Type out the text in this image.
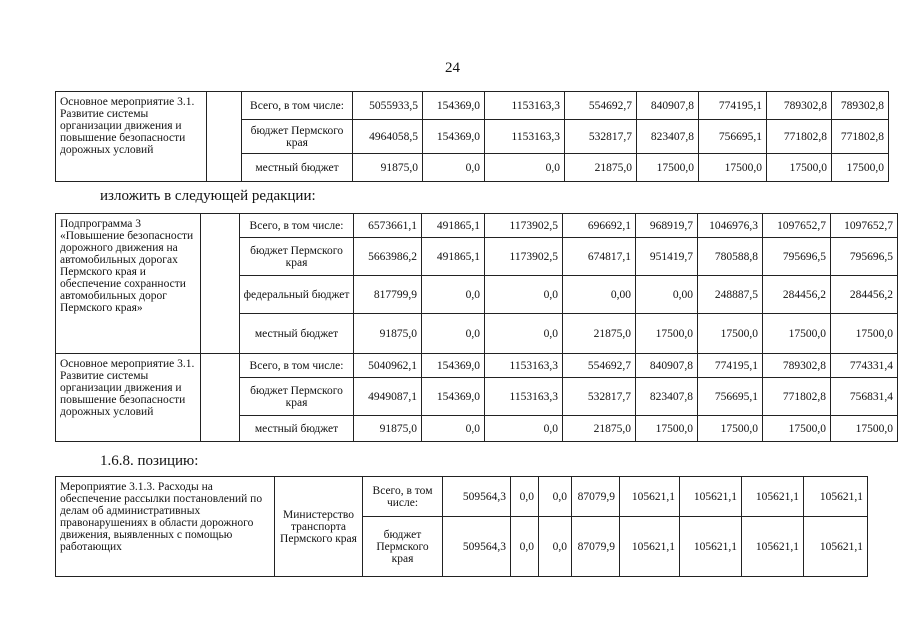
24
Основное мероприятие 3.1. Развитие системы организации движения и повышение безопасности дорожных условий		Всего, в том числе:	5055933,5	154369,0	1153163,3	554692,7	840907,8	774195,1	789302,8	789302,8
		бюджет Пермского края	4964058,5	154369,0	1153163,3	532817,7	823407,8	756695,1	771802,8	771802,8
		местный бюджет	91875,0	0,0	0,0	21875,0	17500,0	17500,0	17500,0	17500,0
изложить в следующей редакции:
Подпрограмма 3 «Повышение безопасности дорожного движения на автомобильных дорогах Пермского края и обеспечение сохранности автомобильных дорог Пермского края»		Всего, в том числе:	6573661,1	491865,1	1173902,5	696692,1	968919,7	1046976,3	1097652,7	1097652,7
		бюджет Пермского края	5663986,2	491865,1	1173902,5	674817,1	951419,7	780588,8	795696,5	795696,5
		федеральный бюджет	817799,9	0,0	0,0	0,00	0,00	248887,5	284456,2	284456,2
		местный бюджет	91875,0	0,0	0,0	21875,0	17500,0	17500,0	17500,0	17500,0
Основное мероприятие 3.1. Развитие системы организации движения и повышение безопасности дорожных условий		Всего, в том числе:	5040962,1	154369,0	1153163,3	554692,7	840907,8	774195,1	789302,8	774331,4
		бюджет Пермского края	4949087,1	154369,0	1153163,3	532817,7	823407,8	756695,1	771802,8	756831,4
		местный бюджет	91875,0	0,0	0,0	21875,0	17500,0	17500,0	17500,0	17500,0
1.6.8. позицию:
Мероприятие 3.1.3. Расходы на обеспечение рассылки постановлений по делам об административных правонарушениях в области дорожного движения, выявленных с помощью работающих	Министерство транспорта Пермского края	Всего, в том числе:	509564,3	0,0	0,0	87079,9	105621,1	105621,1	105621,1	105621,1
		бюджет Пермского края	509564,3	0,0	0,0	87079,9	105621,1	105621,1	105621,1	105621,1
